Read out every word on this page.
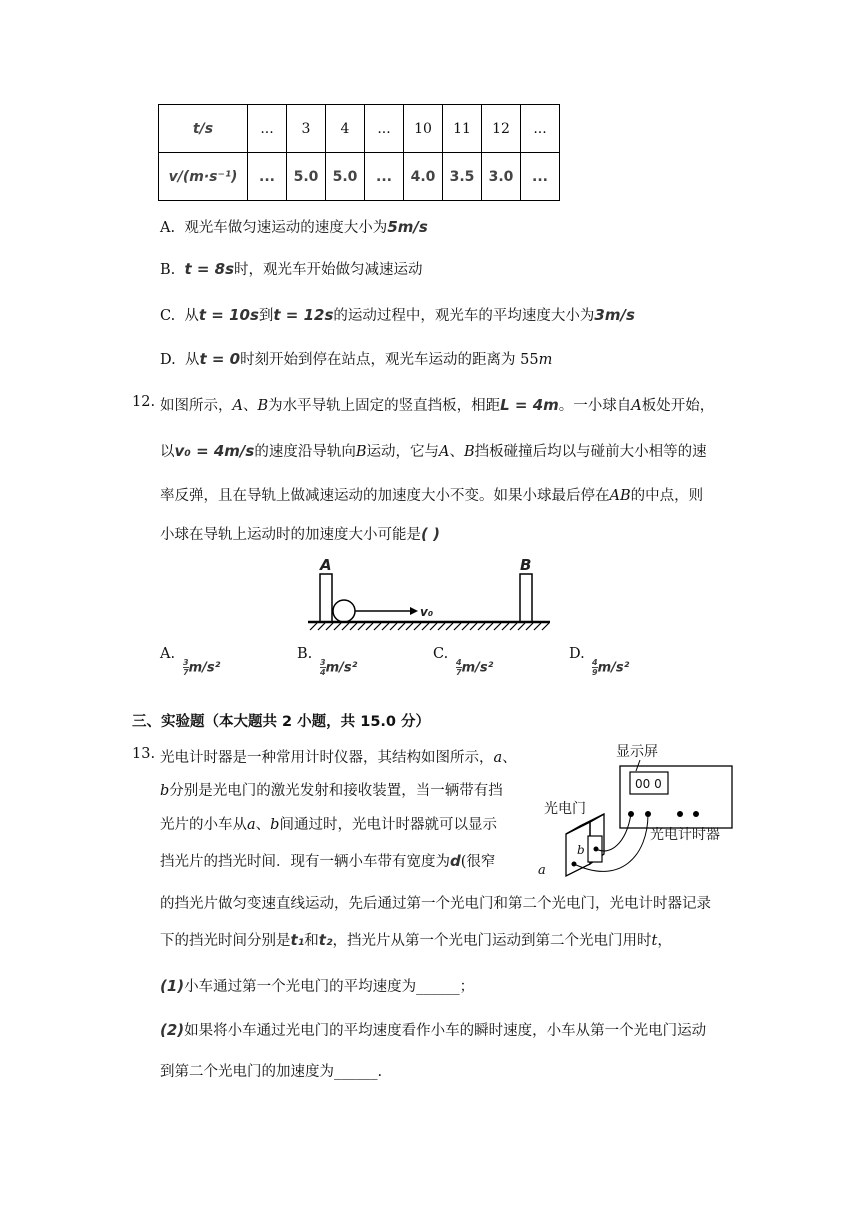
t/s	...	3	4	...	10	11	12	...
v/(m·s⁻¹)	...	5.0	5.0	...	4.0	3.5	3.0	...
A. 观光车做匀速运动的速度大小为5m/s
B. t = 8s时，观光车开始做匀减速运动
C. 从t = 10s到t = 12s的运动过程中，观光车的平均速度大小为3m/s
D. 从t = 0时刻开始到停在站点，观光车运动的距离为 55m
12. 如图所示，A、B为水平导轨上固定的竖直挡板，相距L = 4m。一小球自A板处开始，
以v₀ = 4m/s的速度沿导轨向B运动，它与A、B挡板碰撞后均以与碰前大小相等的速
率反弹，且在导轨上做减速运动的加速度大小不变。如果小球最后停在AB的中点，则
小球在导轨上运动时的加速度大小可能是( )
A	B
v₀
A.
$\frac{3}{7} m/s^2$
B.
$\frac{3}{4} m/s^2$
C.
$\frac{4}{7} m/s^2$
D.
$\frac{4}{9} m/s^2$
三、实验题（本大题共 2 小题，共 15.0 分）
13. 光电计时器是一种常用计时仪器，其结构如图所示，a、
b分别是光电门的激光发射和接收装置，当一辆带有挡
光片的小车从a、b间通过时，光电计时器就可以显示
挡光片的挡光时间．现有一辆小车带有宽度为d(很窄
的挡光片做匀变速直线运动，先后通过第一个光电门和第二个光电门，光电计时器记录
下的挡光时间分别是t₁和t₂，挡光片从第一个光电门运动到第二个光电门用时t，
(1)小车通过第一个光电门的平均速度为______；
(2)如果将小车通过光电门的平均速度看作小车的瞬时速度，小车从第一个光电门运动
到第二个光电门的加速度为______.
显示屏
00 0
光电门
光电计时器
b
a
